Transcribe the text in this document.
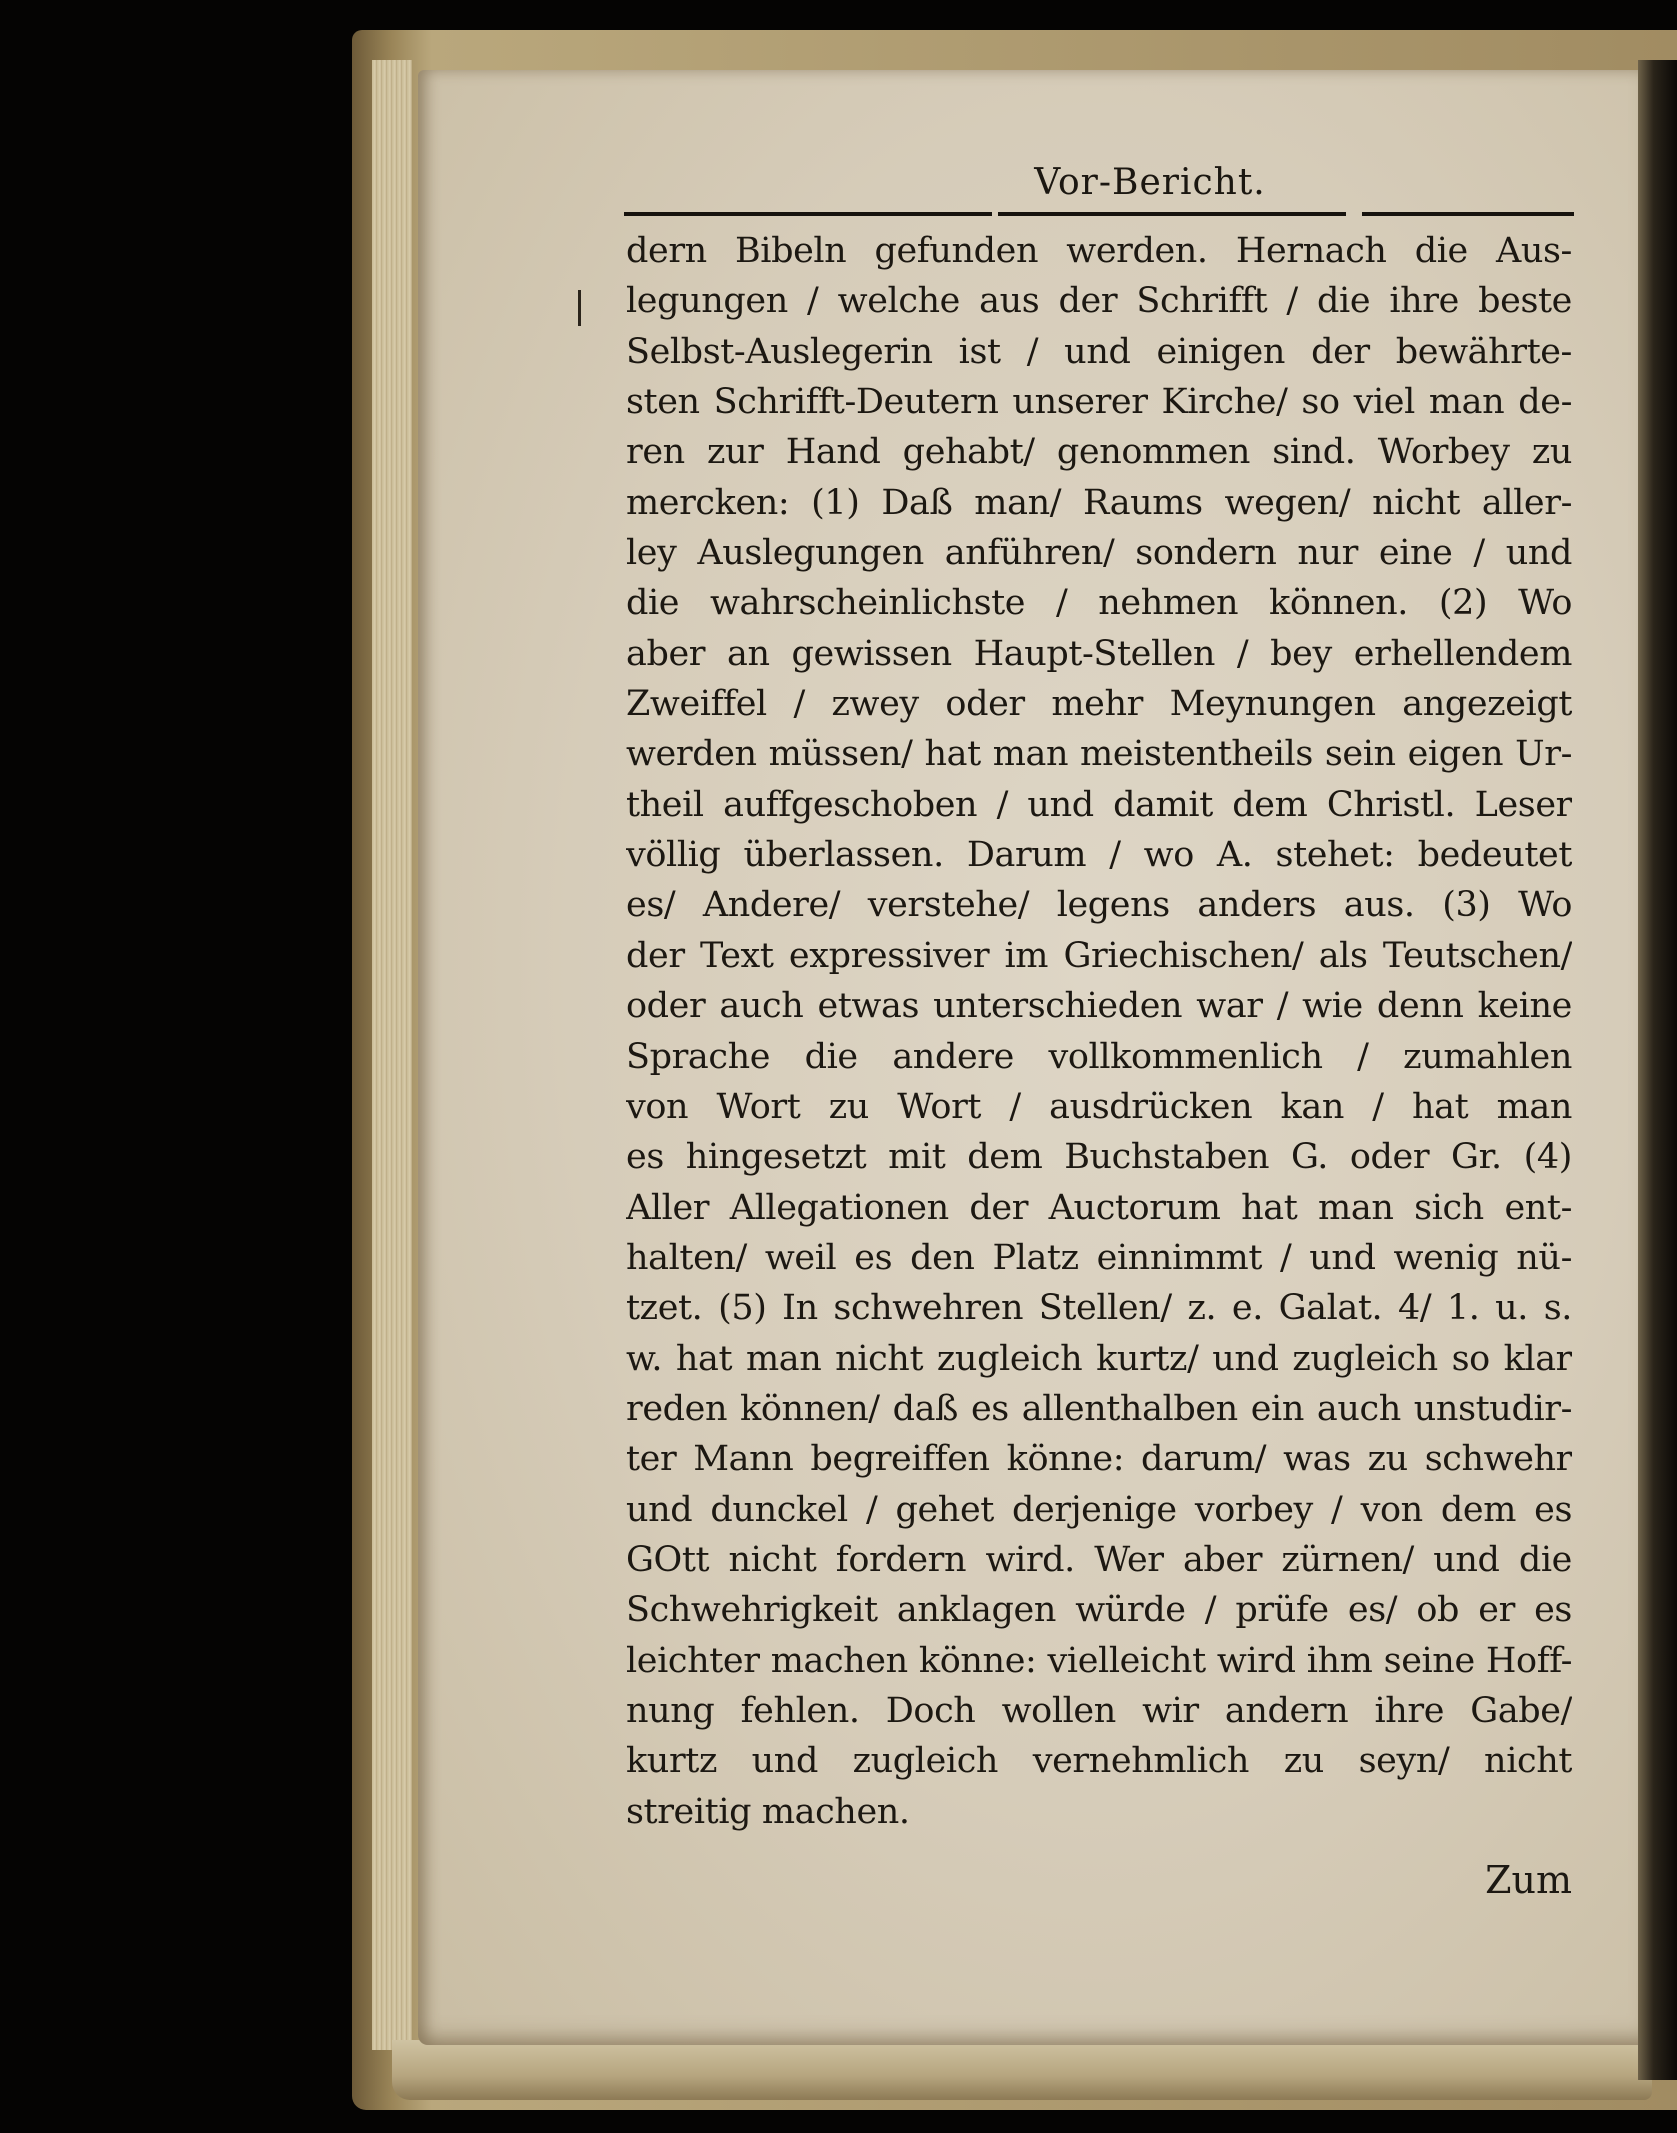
Vor-Bericht.
dern Bibeln gefunden werden. Hernach die Aus-
legungen / welche aus der Schrifft / die ihre beste
Selbst-Auslegerin ist / und einigen der bewährte-
sten Schrifft-Deutern unserer Kirche/ so viel man de-
ren zur Hand gehabt/ genommen sind. Worbey zu
mercken: (1) Daß man/ Raums wegen/ nicht aller-
ley Auslegungen anführen/ sondern nur eine / und
die wahrscheinlichste / nehmen können. (2) Wo
aber an gewissen Haupt-Stellen / bey erhellendem
Zweiffel / zwey oder mehr Meynungen angezeigt
werden müssen/ hat man meistentheils sein eigen Ur-
theil auffgeschoben / und damit dem Christl. Leser
völlig überlassen. Darum / wo A. stehet: bedeutet
es/ Andere/ verstehe/ legens anders aus. (3) Wo
der Text expressiver im Griechischen/ als Teutschen/
oder auch etwas unterschieden war / wie denn keine
Sprache die andere vollkommenlich / zumahlen
von Wort zu Wort / ausdrücken kan / hat man
es hingesetzt mit dem Buchstaben G. oder Gr. (4)
Aller Allegationen der Auctorum hat man sich ent-
halten/ weil es den Platz einnimmt / und wenig nü-
tzet. (5) In schwehren Stellen/ z. e. Galat. 4/ 1. u. s.
w. hat man nicht zugleich kurtz/ und zugleich so klar
reden können/ daß es allenthalben ein auch unstudir-
ter Mann begreiffen könne: darum/ was zu schwehr
und dunckel / gehet derjenige vorbey / von dem es
GOtt nicht fordern wird. Wer aber zürnen/ und die
Schwehrigkeit anklagen würde / prüfe es/ ob er es
leichter machen könne: vielleicht wird ihm seine Hoff-
nung fehlen. Doch wollen wir andern ihre Gabe/
kurtz und zugleich vernehmlich zu seyn/ nicht
streitig machen.
Zum
